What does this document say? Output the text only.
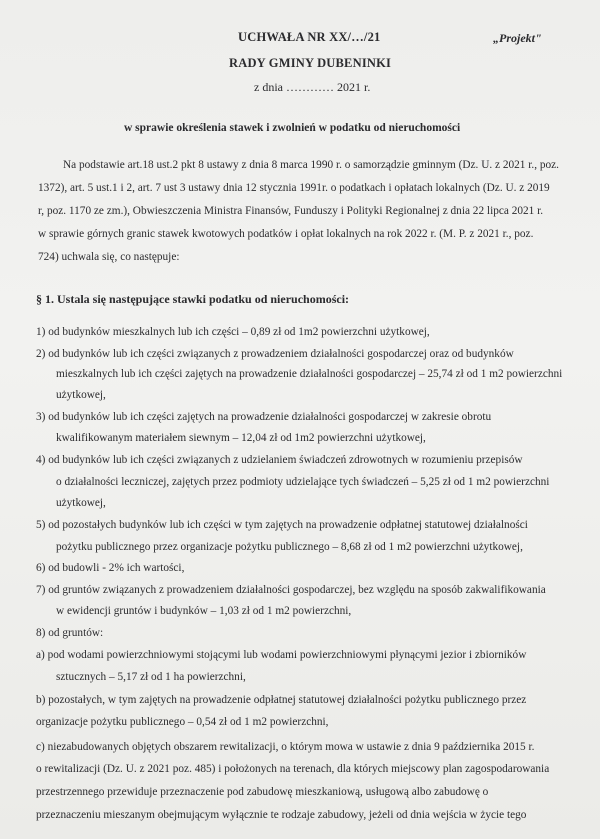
UCHWAŁA NR XX/…/21	„Projekt"
RADY GMINY DUBENINKI
z dnia ………… 2021 r.
w sprawie określenia stawek i zwolnień w podatku od nieruchomości
Na podstawie art.18 ust.2 pkt 8 ustawy z dnia 8 marca 1990 r. o samorządzie gminnym (Dz. U. z 2021 r., poz.
1372), art. 5 ust.1 i 2, art. 7 ust 3 ustawy dnia 12 stycznia 1991r. o podatkach i opłatach lokalnych (Dz. U. z 2019
r, poz. 1170 ze zm.), Obwieszczenia Ministra Finansów, Funduszy i Polityki Regionalnej z dnia 22 lipca 2021 r.
w sprawie górnych granic stawek kwotowych podatków i opłat lokalnych na rok 2022 r. (M. P. z 2021 r., poz.
724) uchwala się, co następuje:
§ 1. Ustala się następujące stawki podatku od nieruchomości:
1) od budynków mieszkalnych lub ich części – 0,89 zł od 1m2 powierzchni użytkowej,
2) od budynków lub ich części związanych z prowadzeniem działalności gospodarczej oraz od budynków
mieszkalnych lub ich części zajętych na prowadzenie działalności gospodarczej – 25,74 zł od 1 m2 powierzchni
użytkowej,
3) od budynków lub ich części zajętych na prowadzenie działalności gospodarczej w zakresie obrotu
kwalifikowanym materiałem siewnym – 12,04 zł od 1m2 powierzchni użytkowej,
4) od budynków lub ich części związanych z udzielaniem świadczeń zdrowotnych w rozumieniu przepisów
o działalności leczniczej, zajętych przez podmioty udzielające tych świadczeń – 5,25 zł od 1 m2 powierzchni
użytkowej,
5) od pozostałych budynków lub ich części w tym zajętych na prowadzenie odpłatnej statutowej działalności
pożytku publicznego przez organizacje pożytku publicznego – 8,68 zł od 1 m2 powierzchni użytkowej,
6) od budowli - 2% ich wartości,
7) od gruntów związanych z prowadzeniem działalności gospodarczej, bez względu na sposób zakwalifikowania
w ewidencji gruntów i budynków – 1,03 zł od 1 m2 powierzchni,
8) od gruntów:
a) pod wodami powierzchniowymi stojącymi lub wodami powierzchniowymi płynącymi jezior i zbiorników
sztucznych – 5,17 zł od 1 ha powierzchni,
b) pozostałych, w tym zajętych na prowadzenie odpłatnej statutowej działalności pożytku publicznego przez
organizacje pożytku publicznego – 0,54 zł od 1 m2 powierzchni,
c) niezabudowanych objętych obszarem rewitalizacji, o którym mowa w ustawie z dnia 9 października 2015 r.
o rewitalizacji (Dz. U. z 2021 poz. 485) i położonych na terenach, dla których miejscowy plan zagospodarowania
przestrzennego przewiduje przeznaczenie pod zabudowę mieszkaniową, usługową albo zabudowę o
przeznaczeniu mieszanym obejmującym wyłącznie te rodzaje zabudowy, jeżeli od dnia wejścia w życie tego
